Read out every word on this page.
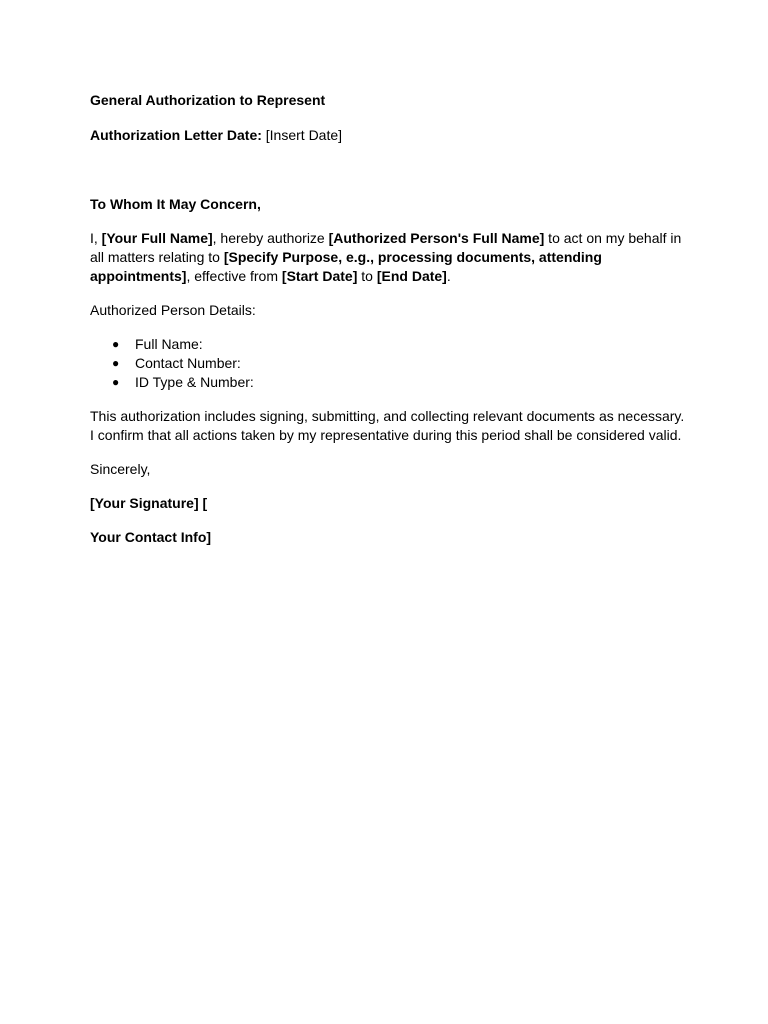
General Authorization to Represent

Authorization Letter Date: [Insert Date]

To Whom It May Concern,

I, [Your Full Name], hereby authorize [Authorized Person's Full Name] to act on my behalf in

all matters relating to [Specify Purpose, e.g., processing documents, attending

appointments], effective from [Start Date] to [End Date].

Authorized Person Details:

● Full Name:
● Contact Number:
● ID Type & Number:

This authorization includes signing, submitting, and collecting relevant documents as necessary.

I confirm that all actions taken by my representative during this period shall be considered valid.

Sincerely,

[Your Signature] [

Your Contact Info]
